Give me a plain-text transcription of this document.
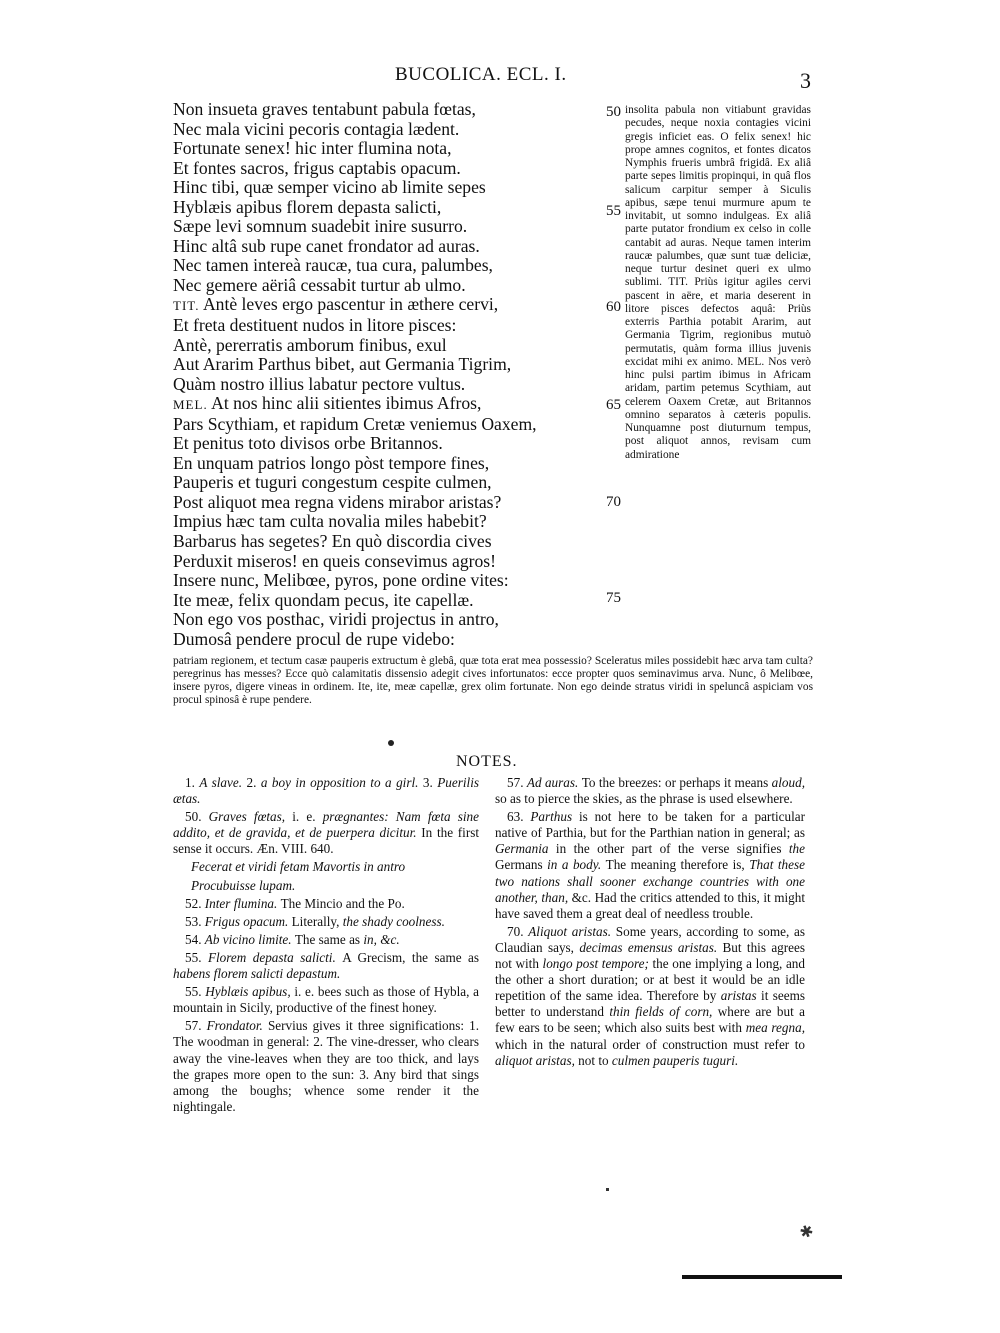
BUCOLICA. ECL. I.	3
Non insueta graves tentabunt pabula fœtas,
Nec mala vicini pecoris contagia lædent.
Fortunate senex! hic inter flumina nota,
Et fontes sacros, frigus captabis opacum.
Hinc tibi, quæ semper vicino ab limite sepes
Hyblæis apibus florem depasta salicti,
Sæpe levi somnum suadebit inire susurro.
Hinc altâ sub rupe canet frondator ad auras.
Nec tamen intereà raucæ, tua cura, palumbes,
Nec gemere aëriâ cessabit turtur ab ulmo.
TIT. Antè leves ergo pascentur in æthere cervi,
Et freta destituent nudos in litore pisces:
Antè, pererratis amborum finibus, exul
Aut Ararim Parthus bibet, aut Germania Tigrim,
Quàm nostro illius labatur pectore vultus.
MEL. At nos hinc alii sitientes ibimus Afros,
Pars Scythiam, et rapidum Cretæ veniemus Oaxem,
Et penitus toto divisos orbe Britannos.
En unquam patrios longo pòst tempore fines,
Pauperis et tuguri congestum cespite culmen,
Post aliquot mea regna videns mirabor aristas?
Impius hæc tam culta novalia miles habebit?
Barbarus has segetes? En quò discordia cives
Perduxit miseros! en queis consevimus agros!
Insere nunc, Melibœe, pyros, pone ordine vites:
Ite meæ, felix quondam pecus, ite capellæ.
Non ego vos posthac, viridi projectus in antro,
Dumosâ pendere procul de rupe videbo:
50
55
60
65
70
75
insolita pabula non vitiabunt gravidas pecudes, neque noxia contagies vicini gregis inficiet eas. O felix senex! hic prope amnes cognitos, et fontes dicatos Nymphis frueris umbrâ frigidâ. Ex aliâ parte sepes limitis propinqui, in quâ flos salicum carpitur semper à Siculis apibus, sæpe tenui murmure apum te invitabit, ut somno indulgeas. Ex aliâ parte putator frondium ex celso in colle cantabit ad auras. Neque tamen interim raucæ palumbes, quæ sunt tuæ deliciæ, neque turtur desinet queri ex ulmo sublimi. TIT. Priùs igitur agiles cervi pascent in aëre, et maria deserent in litore pisces defectos aquâ: Priùs exterris Parthia potabit Ararim, aut Germania Tigrim, regionibus mutuò permutatis, quàm forma illius juvenis excidat mihi ex animo. MEL. Nos verò hinc pulsi partim ibimus in Africam aridam, partim petemus Scythiam, aut celerem Oaxem Cretæ, aut Britannos omnino separatos à cæteris populis. Nunquamne post diuturnum tempus, post aliquot annos, revisam cum admiratione
patriam regionem, et tectum casæ pauperis extructum è glebâ, quæ tota erat mea possessio? Sceleratus miles possidebit hæc arva tam culta? peregrinus has messes? Ecce quò calamitatis dissensio adegit cives infortunatos: ecce propter quos seminavimus arva. Nunc, ô Melibœe, insere pyros, digere vineas in ordinem. Ite, ite, meæ capellæ, grex olim fortunate. Non ego deinde stratus viridi in speluncâ aspiciam vos procul spinosâ è rupe pendere.
NOTES.

1. A slave. 2. a boy in opposition to a girl. 3. Puerilis ætas.

50. Graves fœtas, i. e. prægnantes: Nam fœta sine addito, et de gravida, et de puerpera dicitur. In the first sense it occurs. Æn. VIII. 640.

Fecerat et viridi fetam Mavortis in antro

Procubuisse lupam.

52. Inter flumina. The Mincio and the Po.

53. Frigus opacum. Literally, the shady coolness.

54. Ab vicino limite. The same as in, &c.

55. Florem depasta salicti. A Grecism, the same as habens florem salicti depastum.

55. Hyblæis apibus, i. e. bees such as those of Hybla, a mountain in Sicily, productive of the finest honey.

57. Frondator. Servius gives it three significations: 1. The woodman in general: 2. The vine-dresser, who clears away the vine-leaves when they are too thick, and lays the grapes more open to the sun: 3. Any bird that sings among the boughs; whence some render it the nightingale.

57. Ad auras. To the breezes: or perhaps it means aloud, so as to pierce the skies, as the phrase is used elsewhere.

63. Parthus is not here to be taken for a particular native of Parthia, but for the Parthian nation in general; as Germania in the other part of the verse signifies the Germans in a body. The meaning therefore is, That these two nations shall sooner exchange countries with one another, than, &c. Had the critics attended to this, it might have saved them a great deal of needless trouble.

70. Aliquot aristas. Some years, according to some, as Claudian says, decimas emensus aristas. But this agrees not with longo post tempore; the one implying a long, and the other a short duration; or at best it would be an idle repetition of the same idea. Therefore by aristas it seems better to understand thin fields of corn, where are but a few ears to be seen; which also suits best with mea regna, which in the natural order of construction must refer to aliquot aristas, not to culmen pauperis tuguri.

✱
